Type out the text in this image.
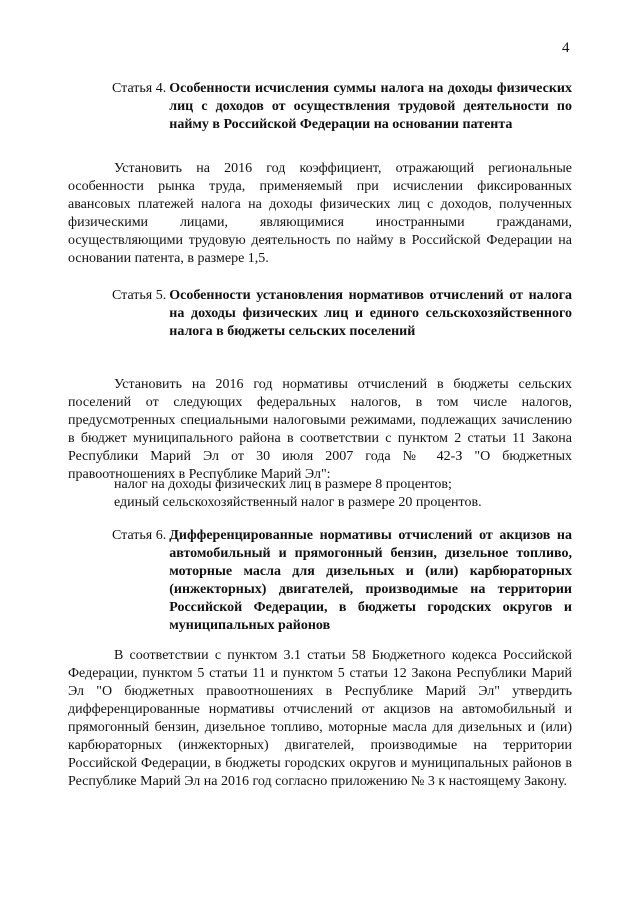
4
Статья 4. Особенности исчисления суммы налога на доходы физических лиц с доходов от осуществления трудовой деятельности по найму в Российской Федерации на основании патента

Установить на 2016 год коэффициент, отражающий региональные особенности рынка труда, применяемый при исчислении фиксированных авансовых платежей налога на доходы физических лиц с доходов, полученных физическими лицами, являющимися иностранными гражданами, осуществляющими трудовую деятельность по найму в Российской Федерации на основании патента, в размере 1,5.

Статья 5. Особенности установления нормативов отчислений от налога на доходы физических лиц и единого сельскохозяйственного налога в бюджеты сельских поселений

Установить на 2016 год нормативы отчислений в бюджеты сельских поселений от следующих федеральных налогов, в том числе налогов, предусмотренных специальными налоговыми режимами, подлежащих зачислению в бюджет муниципального района в соответствии с пунктом 2 статьи 11 Закона Республики Марий Эл от 30 июля 2007 года № 42-З "О бюджетных правоотношениях в Республике Марий Эл":

налог на доходы физических лиц в размере 8 процентов;

единый сельскохозяйственный налог в размере 20 процентов.

Статья 6. Дифференцированные нормативы отчислений от акцизов на автомобильный и прямогонный бензин, дизельное топливо, моторные масла для дизельных и (или) карбюраторных (инжекторных) двигателей, производимые на территории Российской Федерации, в бюджеты городских округов и муниципальных районов

В соответствии с пунктом 3.1 статьи 58 Бюджетного кодекса Российской Федерации, пунктом 5 статьи 11 и пунктом 5 статьи 12 Закона Республики Марий Эл "О бюджетных правоотношениях в Республике Марий Эл" утвердить дифференцированные нормативы отчислений от акцизов на автомобильный и прямогонный бензин, дизельное топливо, моторные масла для дизельных и (или) карбюраторных (инжекторных) двигателей, производимые на территории Российской Федерации, в бюджеты городских округов и муниципальных районов в Республике Марий Эл на 2016 год согласно приложению № 3 к настоящему Закону.
